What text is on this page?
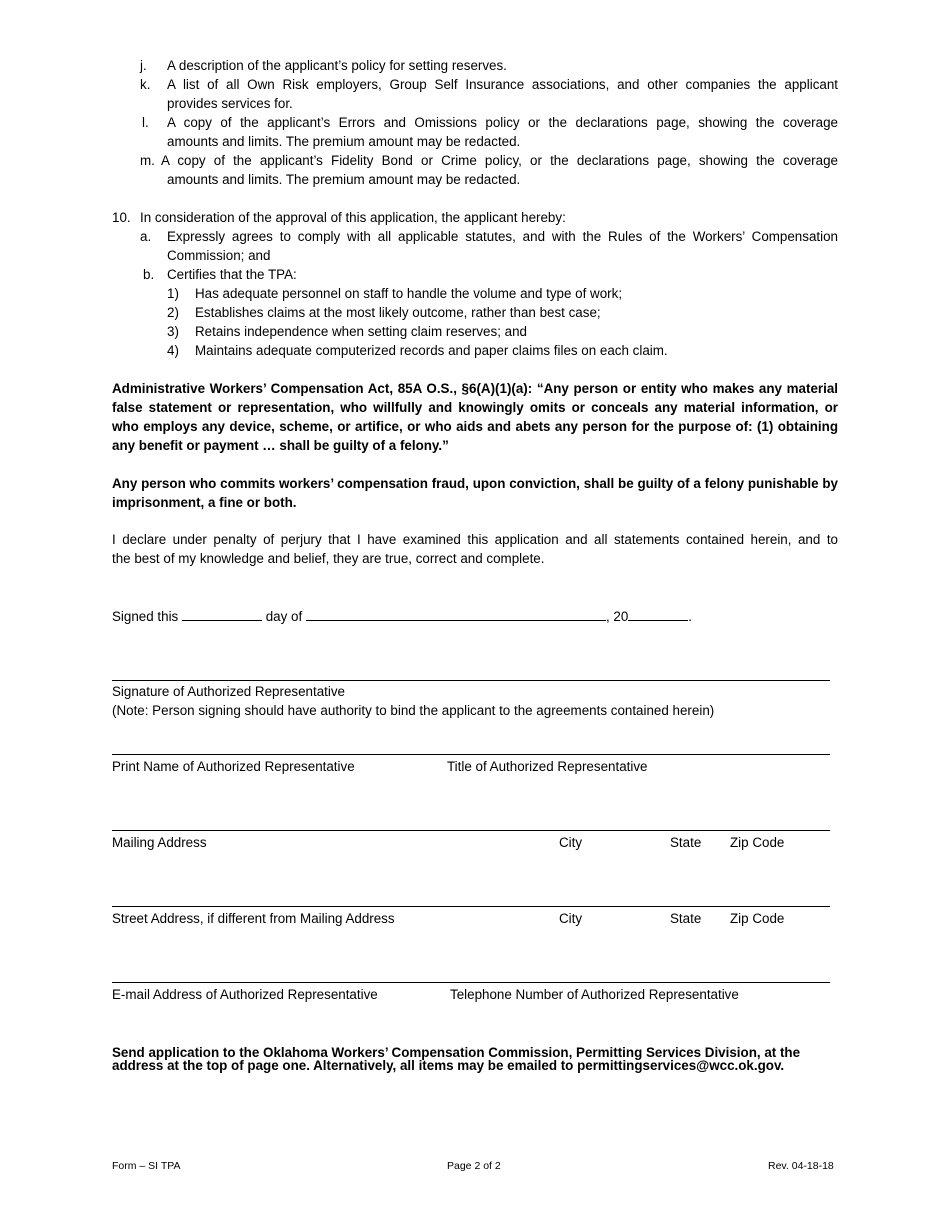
j. A description of the applicant’s policy for setting reserves.
k. A list of all Own Risk employers, Group Self Insurance associations, and other companies the applicant
provides services for.
l. A copy of the applicant’s Errors and Omissions policy or the declarations page, showing the coverage
amounts and limits. The premium amount may be redacted.
m. A copy of the applicant’s Fidelity Bond or Crime policy, or the declarations page, showing the coverage
amounts and limits. The premium amount may be redacted.
10. In consideration of the approval of this application, the applicant hereby:
a. Expressly agrees to comply with all applicable statutes, and with the Rules of the Workers’ Compensation
Commission; and
b. Certifies that the TPA:
1) Has adequate personnel on staff to handle the volume and type of work;
2) Establishes claims at the most likely outcome, rather than best case;
3) Retains independence when setting claim reserves; and
4) Maintains adequate computerized records and paper claims files on each claim.
Administrative Workers’ Compensation Act, 85A O.S., §6(A)(1)(a): “Any person or entity who makes any material
false statement or representation, who willfully and knowingly omits or conceals any material information, or
who employs any device, scheme, or artifice, or who aids and abets any person for the purpose of: (1) obtaining
any benefit or payment … shall be guilty of a felony.”
Any person who commits workers’ compensation fraud, upon conviction, shall be guilty of a felony punishable by
imprisonment, a fine or both.
I declare under penalty of perjury that I have examined this application and all statements contained herein, and to
the best of my knowledge and belief, they are true, correct and complete.
Signed this	day of	, 20	.
Signature of Authorized Representative
(Note: Person signing should have authority to bind the applicant to the agreements contained herein)
Print Name of Authorized Representative	Title of Authorized Representative
Mailing Address	City	State Zip Code
Street Address, if different from Mailing Address	City	State Zip Code
E-mail Address of Authorized Representative	Telephone Number of Authorized Representative
Send application to the Oklahoma Workers’ Compensation Commission, Permitting Services Division, at the
address at the top of page one. Alternatively, all items may be emailed to permittingservices@wcc.ok.gov.
Form – SI TPA	Page 2 of 2	Rev. 04-18-18
